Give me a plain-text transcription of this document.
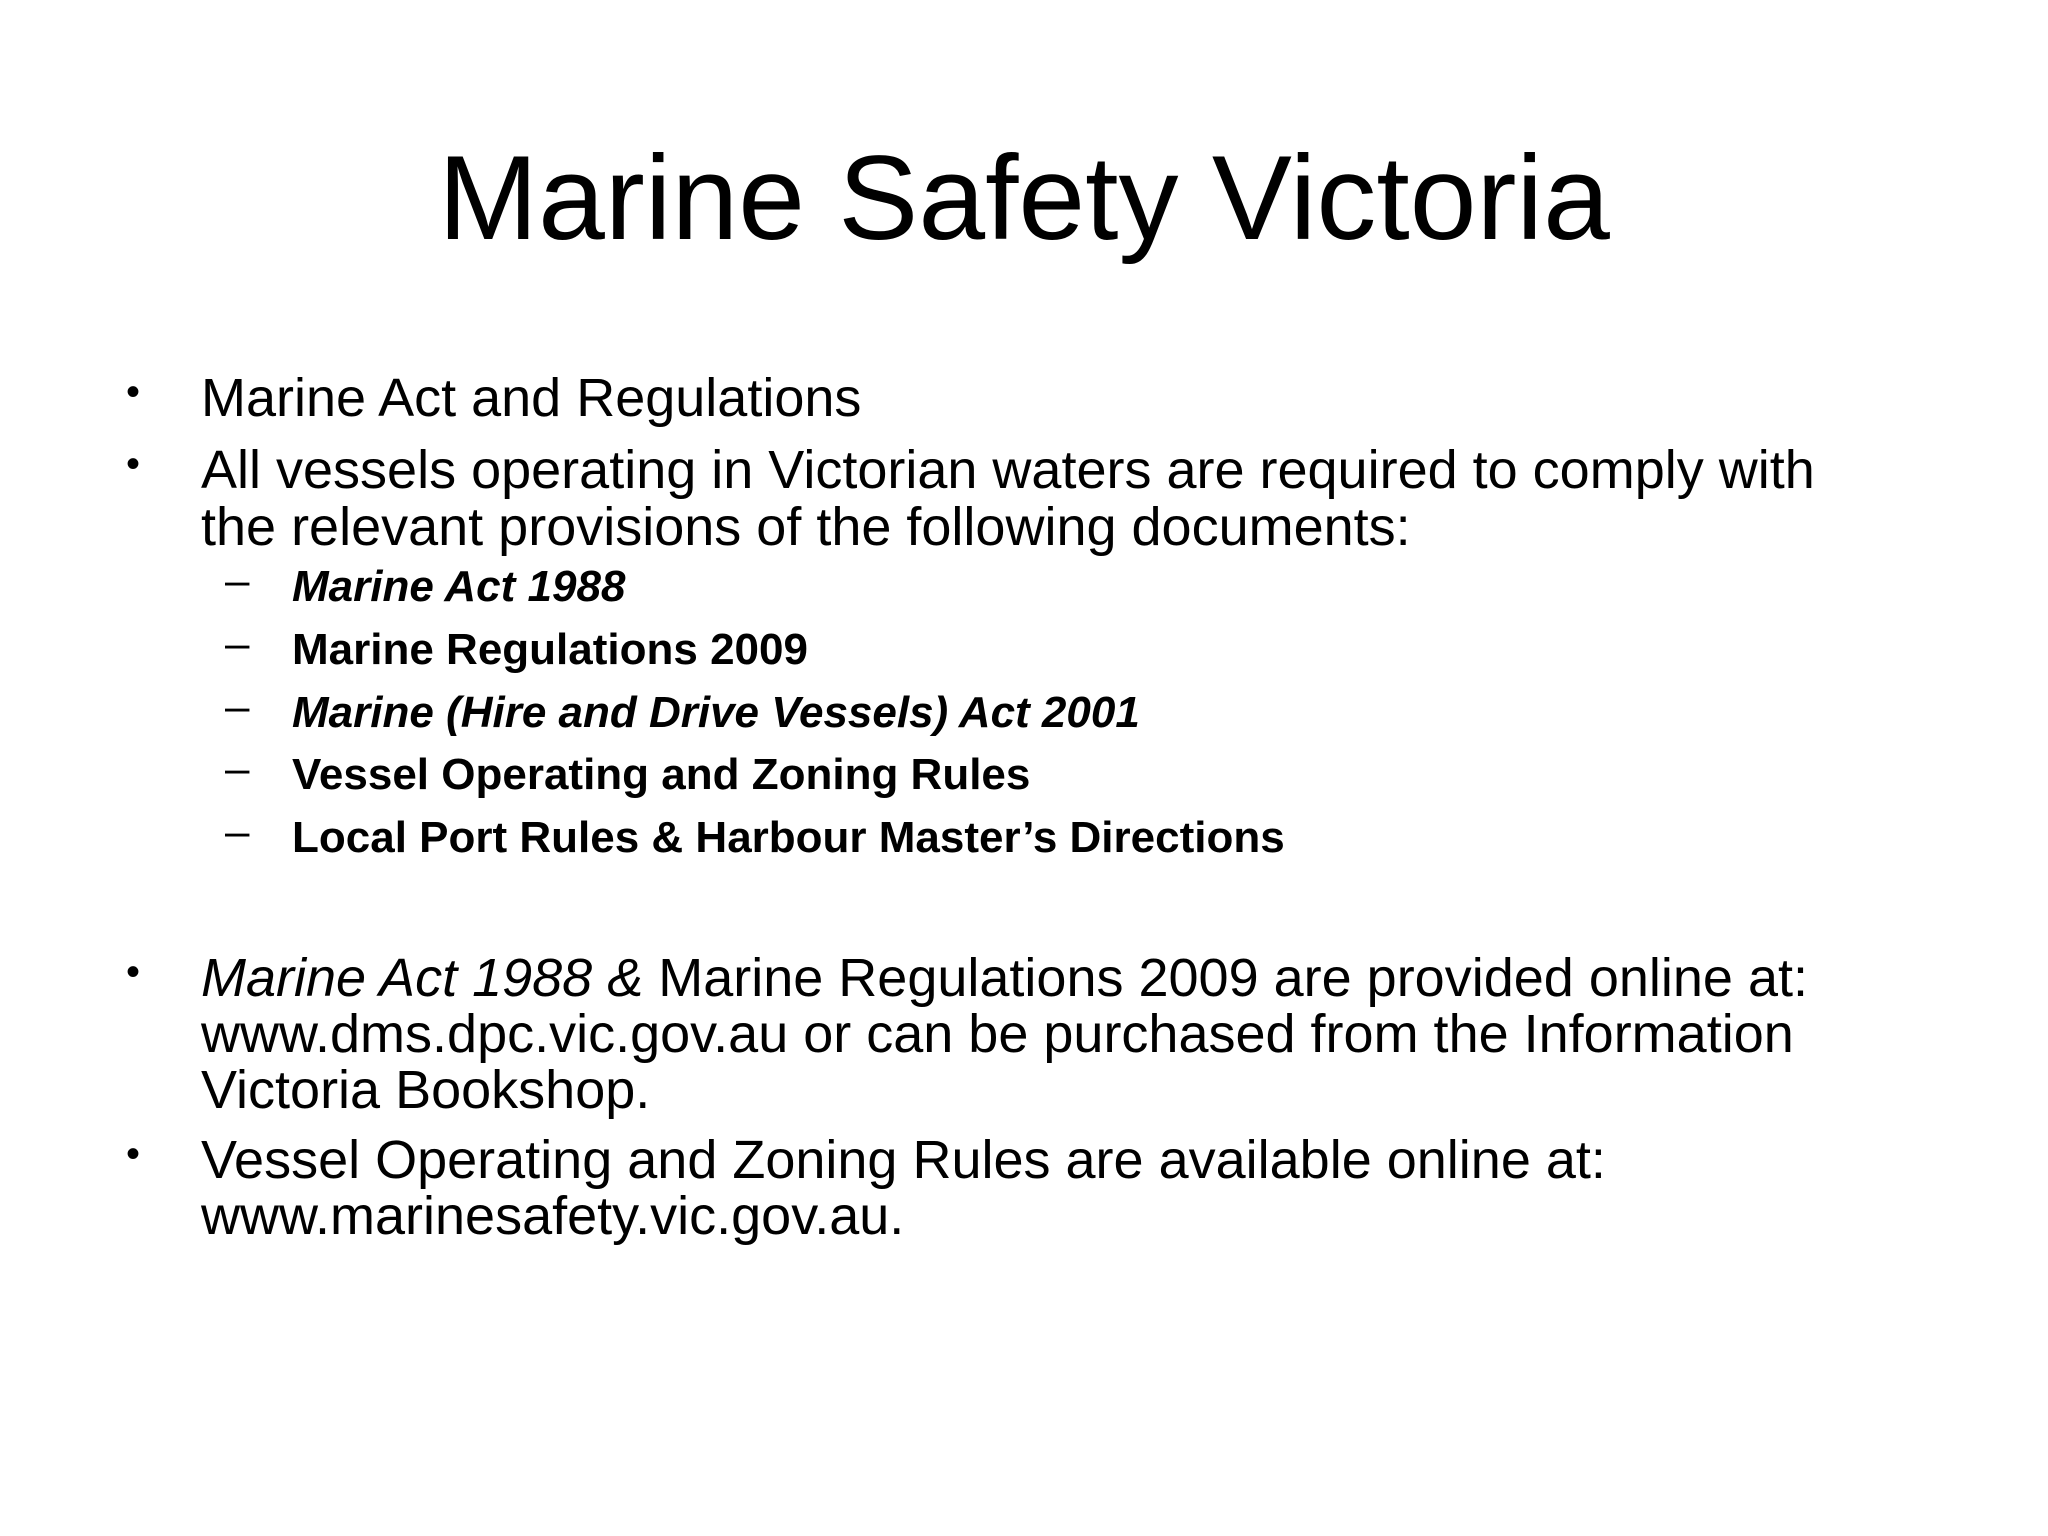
Marine Safety Victoria
• Marine Act and Regulations
• All vessels operating in Victorian waters are required to comply with
the relevant provisions of the following documents:
– Marine Act 1988
– Marine Regulations 2009
– Marine (Hire and Drive Vessels) Act 2001
– Vessel Operating and Zoning Rules
– Local Port Rules & Harbour Master’s Directions
• Marine Act 1988 & Marine Regulations 2009 are provided online at:
www.dms.dpc.vic.gov.au or can be purchased from the Information
Victoria Bookshop.
• Vessel Operating and Zoning Rules are available online at:
www.marinesafety.vic.gov.au.
